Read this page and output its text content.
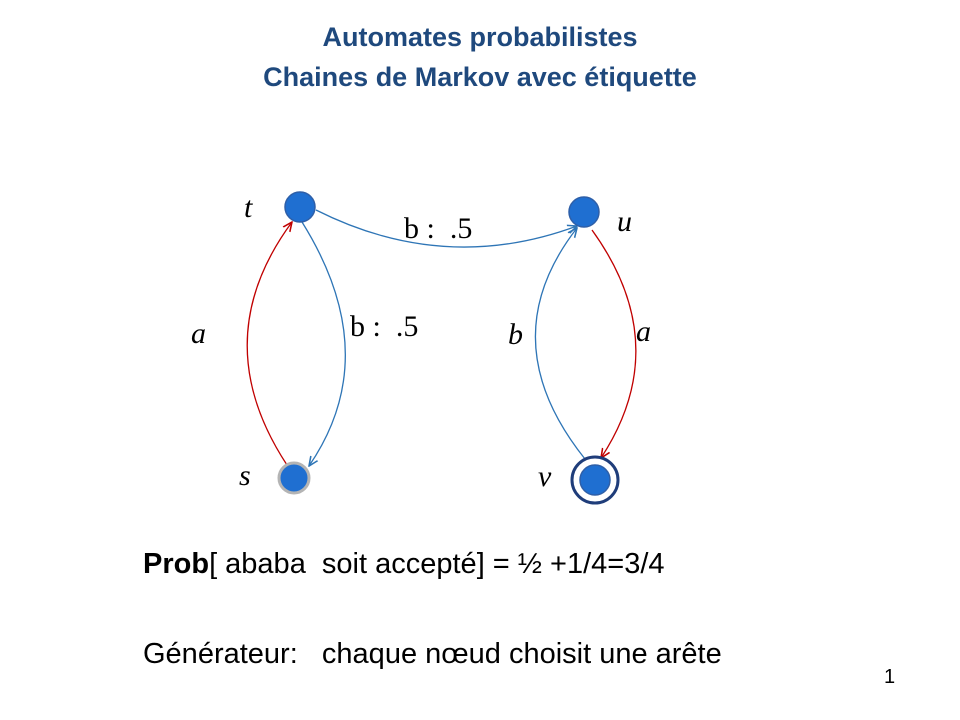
Automates probabilistes
Chaines de Markov avec étiquette
t	u
s	v
b :  .5
b :  .5
a	b	a
Prob[ ababa  soit accepté] = ½ +1/4=3/4
Générateur:   chaque nœud choisit une arête
1
